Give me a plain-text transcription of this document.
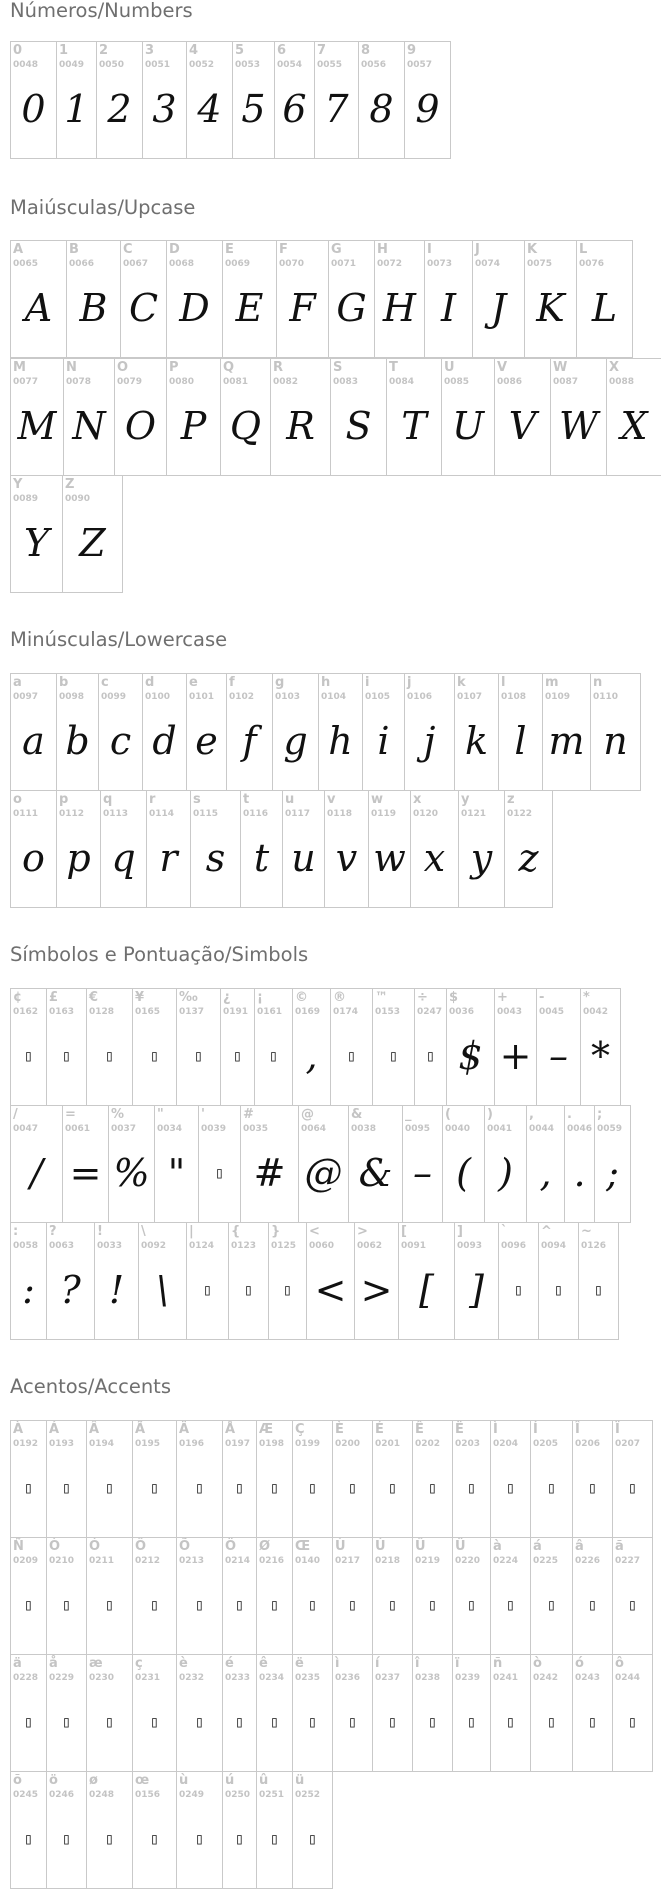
Números/Numbers
0
0048
0
1
0049
1
2
0050
2
3
0051
3
4
0052
4
5
0053
5
6
0054
6
7
0055
7
8
0056
8
9
0057
9
Maiúsculas/Upcase
A
0065
A
B
0066
B
C
0067
C
D
0068
D
E
0069
E
F
0070
F
G
0071
G
H
0072
H
I
0073
I
J
0074
J
K
0075
K
L
0076
L
M
0077
M
N
0078
N
O
0079
O
P
0080
P
Q
0081
Q
R
0082
R
S
0083
S
T
0084
T
U
0085
U
V
0086
V
W
0087
W
X
0088
X
Y
0089
Y
Z
0090
Z
Minúsculas/Lowercase
a
0097
a
b
0098
b
c
0099
c
d
0100
d
e
0101
e
f
0102
f
g
0103
g
h
0104
h
i
0105
i
j
0106
j
k
0107
k
l
0108
l
m
0109
m
n
0110
n
o
0111
o
p
0112
p
q
0113
q
r
0114
r
s
0115
s
t
0116
t
u
0117
u
v
0118
v
w
0119
w
x
0120
x
y
0121
y
z
0122
z
Símbolos e Pontuação/Simbols
¢
0162
▯
£
0163
▯
€
0128
▯
¥
0165
▯
‰
0137
▯
¿
0191
▯
¡
0161
▯
©
0169
,
®
0174
▯
™
0153
▯
÷
0247
▯
$
0036
$
+
0043
+
-
0045
–
*
0042
*
/
0047
/
=
0061
=
%
0037
%
"
0034
"
'
0039
▯
#
0035
#
@
0064
@
&
0038
&
_
0095
–
(
0040
(
)
0041
)
,
0044
,
.
0046
.
;
0059
;
:
0058
:
?
0063
?
!
0033
!
\
0092
\
|
0124
▯
{
0123
▯
}
0125
▯
<
0060
<
>
0062
>
[
0091
[
]
0093
]
`
0096
▯
^
0094
▯
~
0126
▯
Acentos/Accents
À
0192
▯
Á
0193
▯
Â
0194
▯
Ã
0195
▯
Ä
0196
▯
Å
0197
▯
Æ
0198
▯
Ç
0199
▯
È
0200
▯
É
0201
▯
Ê
0202
▯
Ë
0203
▯
Ì
0204
▯
Í
0205
▯
Î
0206
▯
Ï
0207
▯
Ñ
0209
▯
Ò
0210
▯
Ó
0211
▯
Ô
0212
▯
Õ
0213
▯
Ö
0214
▯
Ø
0216
▯
Œ
0140
▯
Ù
0217
▯
Ú
0218
▯
Û
0219
▯
Ü
0220
▯
à
0224
▯
á
0225
▯
â
0226
▯
ã
0227
▯
ä
0228
▯
å
0229
▯
æ
0230
▯
ç
0231
▯
è
0232
▯
é
0233
▯
ê
0234
▯
ë
0235
▯
ì
0236
▯
í
0237
▯
î
0238
▯
ï
0239
▯
ñ
0241
▯
ò
0242
▯
ó
0243
▯
ô
0244
▯
õ
0245
▯
ö
0246
▯
ø
0248
▯
œ
0156
▯
ù
0249
▯
ú
0250
▯
û
0251
▯
ü
0252
▯
